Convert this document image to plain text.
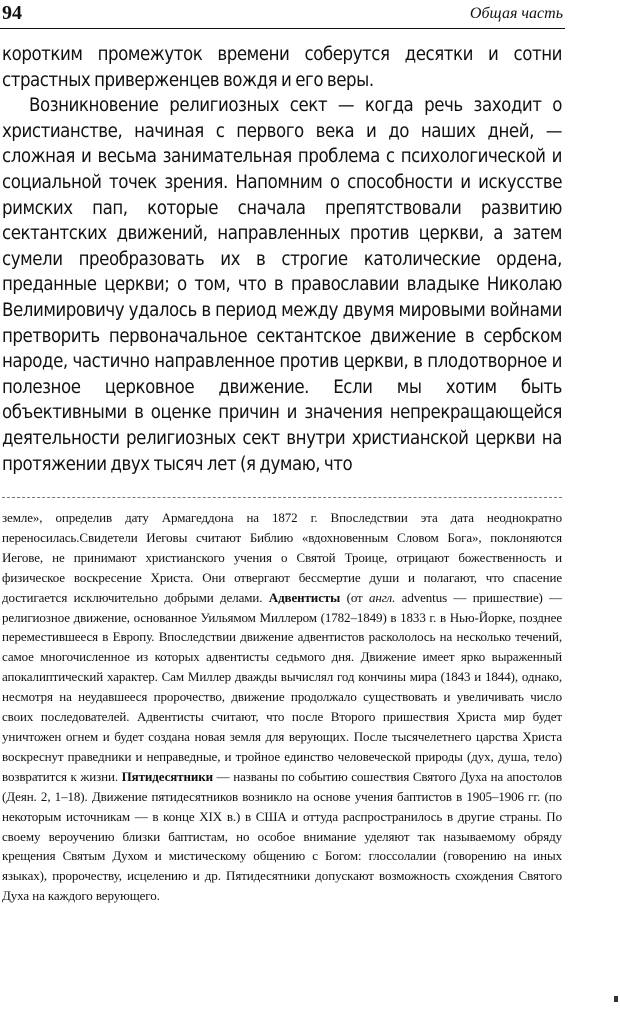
94	Общая часть

коротким промежуток времени соберутся десятки и сотни страстных приверженцев вождя и его веры.

Возникновение религиозных сект — когда речь заходит о христианстве, начиная с первого века и до наших дней, — сложная и весьма занимательная проблема с психологической и социальной точек зрения. Напомним о способности и искусстве римских пап, которые сначала препятствовали развитию сектантских движений, направленных против церкви, а затем сумели преобразовать их в строгие католические ордена, преданные церкви; о том, что в православии владыке Николаю Велимировичу удалось в период между двумя мировыми войнами претворить первоначальное сектантское движение в сербском народе, частично направленное против церкви, в плодотворное и полезное церковное движение. Если мы хотим быть объективными в оценке причин и значения непрекращающейся деятельности религиозных сект внутри христианской церкви на протяжении двух тысяч лет (я думаю, что

земле», определив дату Армагеддона на 1872 г. Впоследствии эта дата неоднократно переносилась.Свидетели Иеговы считают Библию «вдохновенным Словом Бога», поклоняются Иегове, не принимают христианского учения о Святой Троице, отрицают божественность и физическое воскресение Христа. Они отвергают бессмертие души и полагают, что спасение достигается исключительно добрыми делами. Адвентисты (от англ. adventus — пришествие) — религиозное движение, основанное Уильямом Миллером (1782–1849) в 1833 г. в Нью-Йорке, позднее переместившееся в Европу. Впоследствии движение адвентистов раскололось на несколько течений, самое многочисленное из которых адвентисты седьмого дня. Движение имеет ярко выраженный апокалиптический характер. Сам Миллер дважды вычислял год кончины мира (1843 и 1844), однако, несмотря на неудавшееся пророчество, движение продолжало существовать и увеличивать число своих последователей. Адвентисты считают, что после Второго пришествия Христа мир будет уничтожен огнем и будет создана новая земля для верующих. После тысячелетнего царства Христа воскреснут праведники и неправедные, и тройное единство человеческой природы (дух, душа, тело) возвратится к жизни. Пятидесятники — названы по событию сошествия Святого Духа на апостолов (Деян. 2, 1–18). Движение пятидесятников возникло на основе учения баптистов в 1905–1906 гг. (по некоторым источникам — в конце XIX в.) в США и оттуда распространилось в другие страны. По своему вероучению близки баптистам, но особое внимание уделяют так называемому обряду крещения Святым Духом и мистическому общению с Богом: глоссолалии (говорению на иных языках), пророчеству, исцелению и др. Пятидесятники допускают возможность схождения Святого Духа на каждого верующего.
